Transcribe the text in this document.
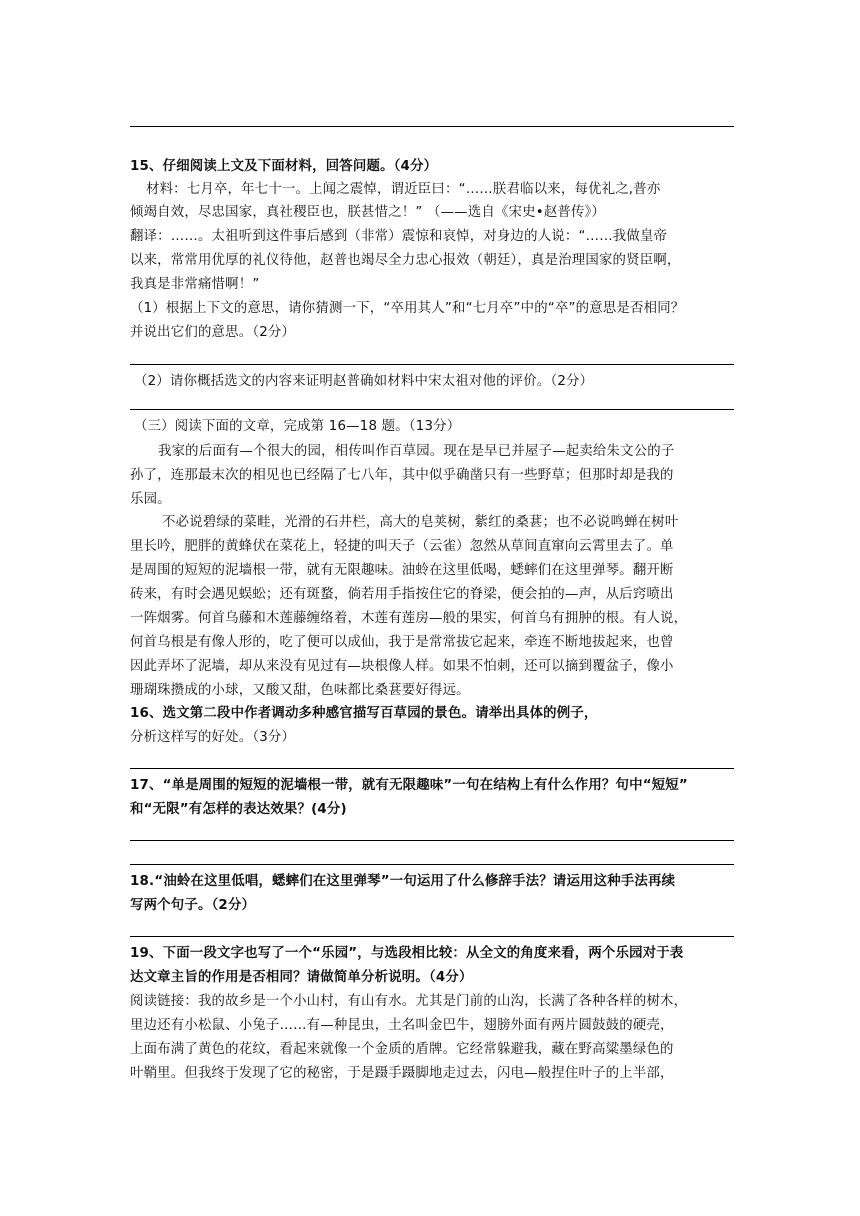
15、仔细阅读上文及下面材料，回答问题。（4分）
材料：七月卒，年七十一。上闻之震悼，谓近臣曰：“……朕君临以来，每优礼之,普亦
倾竭自效，尽忠国家，真社稷臣也，朕甚惜之！” （——选自《宋史•赵普传》）
翻译：……。太祖听到这件事后感到（非常）震惊和哀悼，对身边的人说：“……我做皇帝
以来，常常用优厚的礼仪待他，赵普也竭尽全力忠心报效（朝廷），真是治理国家的贤臣啊，
我真是非常痛惜啊！”
（1）根据上下文的意思，请你猜测一下，“卒用其人”和“七月卒”中的“卒”的意思是否相同？
并说出它们的意思。（2分）
（2）请你概括选文的内容来证明赵普确如材料中宋太祖对他的评价。（2分）
（三）阅读下面的文章，完成第 16—18 题。（13分）
我家的后面有—个很大的园，相传叫作百草园。现在是早已并屋子—起卖给朱文公的子
孙了，连那最末次的相见也已经隔了七八年，其中似乎确凿只有一些野草；但那时却是我的
乐园。
不必说碧绿的菜畦，光滑的石井栏，高大的皂荚树，紫红的桑葚；也不必说鸣蝉在树叶
里长吟，肥胖的黄蜂伏在菜花上，轻捷的叫天子（云雀）忽然从草间直窜向云霄里去了。单
是周围的短短的泥墙根一带，就有无限趣味。油蛉在这里低喝，蟋蟀们在这里弹琴。翻开断
砖来，有时会遇见蜈蚣；还有斑蝥，倘若用手指按住它的脊梁，便会拍的—声，从后窍喷出
一阵烟雾。何首乌藤和木莲藤缠络着，木莲有莲房—般的果实，何首乌有拥肿的根。有人说，
何首乌根是有像人形的，吃了便可以成仙，我于是常常拔它起来，牵连不断地拔起来，也曾
因此弄坏了泥墙，却从来没有见过有—块根像人样。如果不怕刺，还可以摘到覆盆子，像小
珊瑚珠攒成的小球，又酸又甜，色味都比桑葚要好得远。
16、选文第二段中作者调动多种感官描写百草园的景色。请举出具体的例子，
分析这样写的好处。（3分）
17、“单是周围的短短的泥墙根一带，就有无限趣味”一句在结构上有什么作用？句中“短短”
和“无限”有怎样的表达效果？(4分)
18.“油蛉在这里低唱，蟋蟀们在这里弹琴”一句运用了什么修辞手法？请运用这种手法再续
写两个句子。（2分）
19、下面一段文字也写了一个“乐园”，与选段相比较：从全文的角度来看，两个乐园对于表
达文章主旨的作用是否相同？请做简单分析说明。（4分）
阅读链接：我的故乡是一个小山村，有山有水。尤其是门前的山沟，长满了各种各样的树木，
里边还有小松鼠、小兔子……有—种昆虫，土名叫金巴牛，翅膀外面有两片圆鼓鼓的硬壳，
上面布满了黄色的花纹，看起来就像一个金质的盾牌。它经常躲避我，藏在野高粱墨绿色的
叶鞘里。但我终于发现了它的秘密，于是蹑手蹑脚地走过去，闪电—般捏住叶子的上半部，
